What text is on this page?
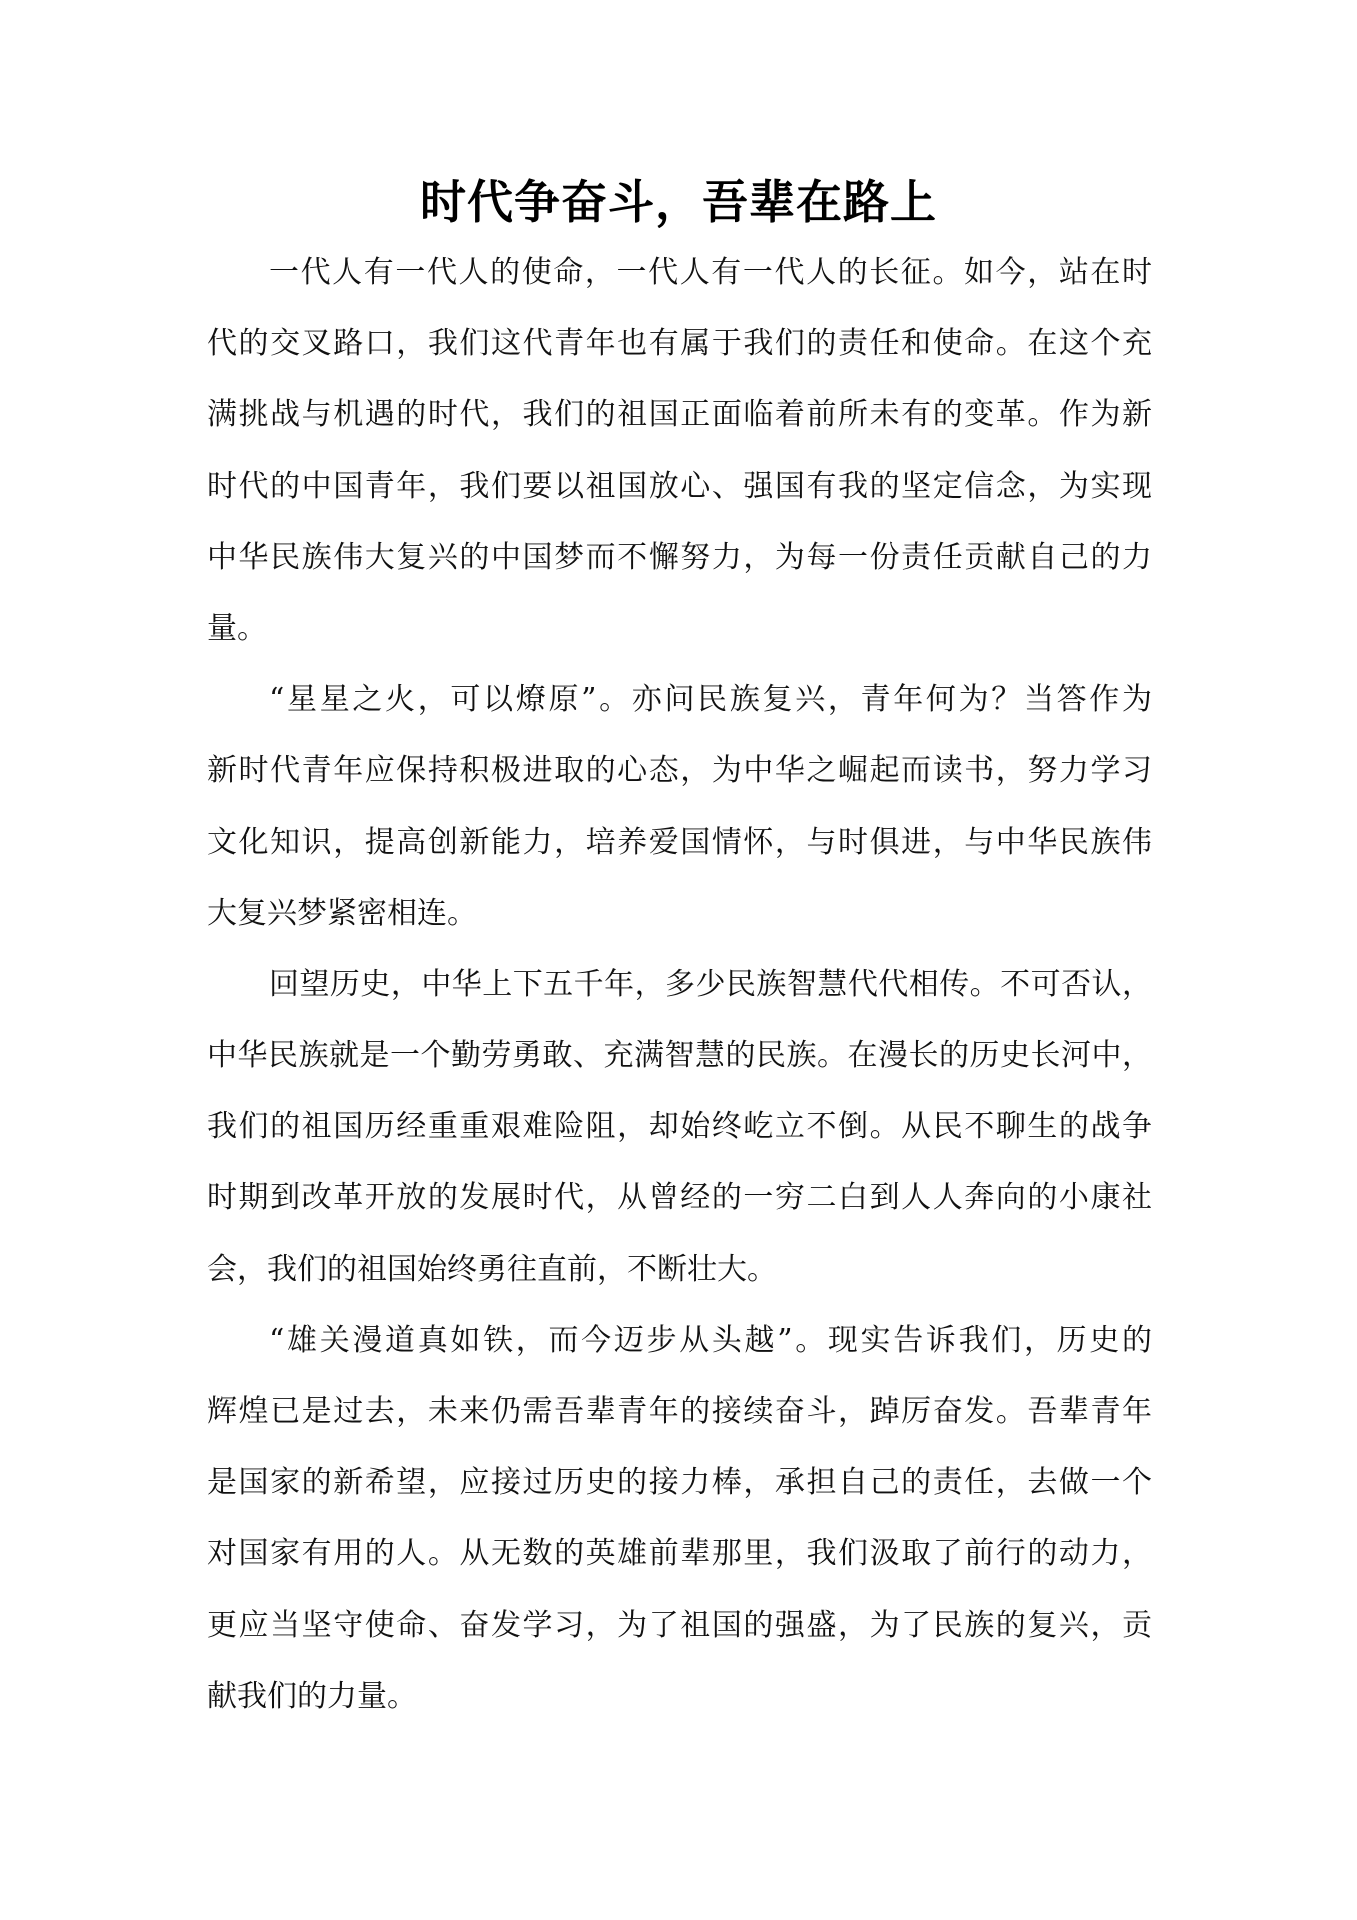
时代争奋斗，吾辈在路上
一代人有一代人的使命，一代人有一代人的长征。如今，站在时
代的交叉路口，我们这代青年也有属于我们的责任和使命。在这个充
满挑战与机遇的时代，我们的祖国正面临着前所未有的变革。作为新
时代的中国青年，我们要以祖国放心、强国有我的坚定信念，为实现
中华民族伟大复兴的中国梦而不懈努力，为每一份责任贡献自己的力
量。
“星星之火，可以燎原”。亦问民族复兴，青年何为？当答作为
新时代青年应保持积极进取的心态，为中华之崛起而读书，努力学习
文化知识，提高创新能力，培养爱国情怀，与时俱进，与中华民族伟
大复兴梦紧密相连。
回望历史，中华上下五千年，多少民族智慧代代相传。不可否认，
中华民族就是一个勤劳勇敢、充满智慧的民族。在漫长的历史长河中，
我们的祖国历经重重艰难险阻，却始终屹立不倒。从民不聊生的战争
时期到改革开放的发展时代，从曾经的一穷二白到人人奔向的小康社
会，我们的祖国始终勇往直前，不断壮大。
“雄关漫道真如铁，而今迈步从头越”。现实告诉我们，历史的
辉煌已是过去，未来仍需吾辈青年的接续奋斗，踔厉奋发。吾辈青年
是国家的新希望，应接过历史的接力棒，承担自己的责任，去做一个
对国家有用的人。从无数的英雄前辈那里，我们汲取了前行的动力，
更应当坚守使命、奋发学习，为了祖国的强盛，为了民族的复兴，贡
献我们的力量。
